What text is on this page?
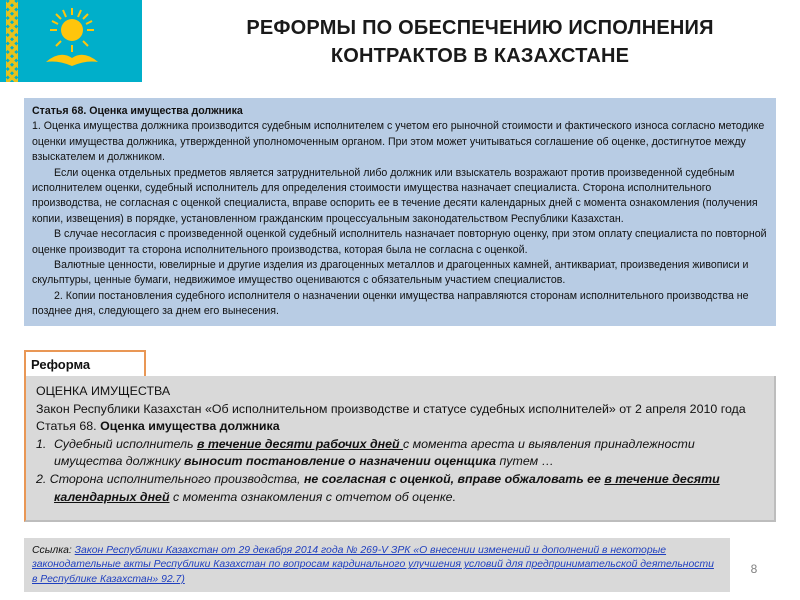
РЕФОРМЫ ПО ОБЕСПЕЧЕНИЮ ИСПОЛНЕНИЯ
КОНТРАКТОВ В КАЗАХСТАНЕ

Статья 68. Оценка имущества должника

1. Оценка имущества должника производится судебным исполнителем с учетом его рыночной стоимости и фактического износа согласно методике оценки имущества должника, утвержденной уполномоченным органом. При этом может учитываться соглашение об оценке, достигнутое между взыскателем и должником.

Если оценка отдельных предметов является затруднительной либо должник или взыскатель возражают против произведенной судебным исполнителем оценки, судебный исполнитель для определения стоимости имущества назначает специалиста. Сторона исполнительного производства, не согласная с оценкой специалиста, вправе оспорить ее в течение десяти календарных дней с момента ознакомления (получения копии, извещения) в порядке, установленном гражданским процессуальным законодательством Республики Казахстан.

В случае несогласия с произведенной оценкой судебный исполнитель назначает повторную оценку, при этом оплату специалиста по повторной оценке производит та сторона исполнительного производства, которая была не согласна с оценкой.

Валютные ценности, ювелирные и другие изделия из драгоценных металлов и драгоценных камней, антиквариат, произведения живописи и скульптуры, ценные бумаги, недвижимое имущество оцениваются с обязательным участием специалистов.

2. Копии постановления судебного исполнителя о назначении оценки имущества направляются сторонам исполнительного производства не позднее дня, следующего за днем его вынесения.

Реформа

ОЦЕНКА ИМУЩЕСТВА

Закон Республики Казахстан «Об исполнительном производстве и статусе судебных исполнителей» от 2 апреля 2010 года

Статья 68. Оценка имущества должника

1. Судебный исполнитель в течение десяти рабочих дней с момента ареста и выявления принадлежности имущества должнику выносит постановление о назначении оценщика путем …

2. Сторона исполнительного производства, не согласная с оценкой, вправе обжаловать ее в течение десяти календарных дней с момента ознакомления с отчетом об оценке.

Ссылка: Закон Республики Казахстан от 29 декабря 2014 года № 269-V ЗРК «О внесении изменений и дополнений в некоторые законодательные акты Республики Казахстан по вопросам кардинального улучшения условий для предпринимательской деятельности в Республике Казахстан» 92.7)
8
